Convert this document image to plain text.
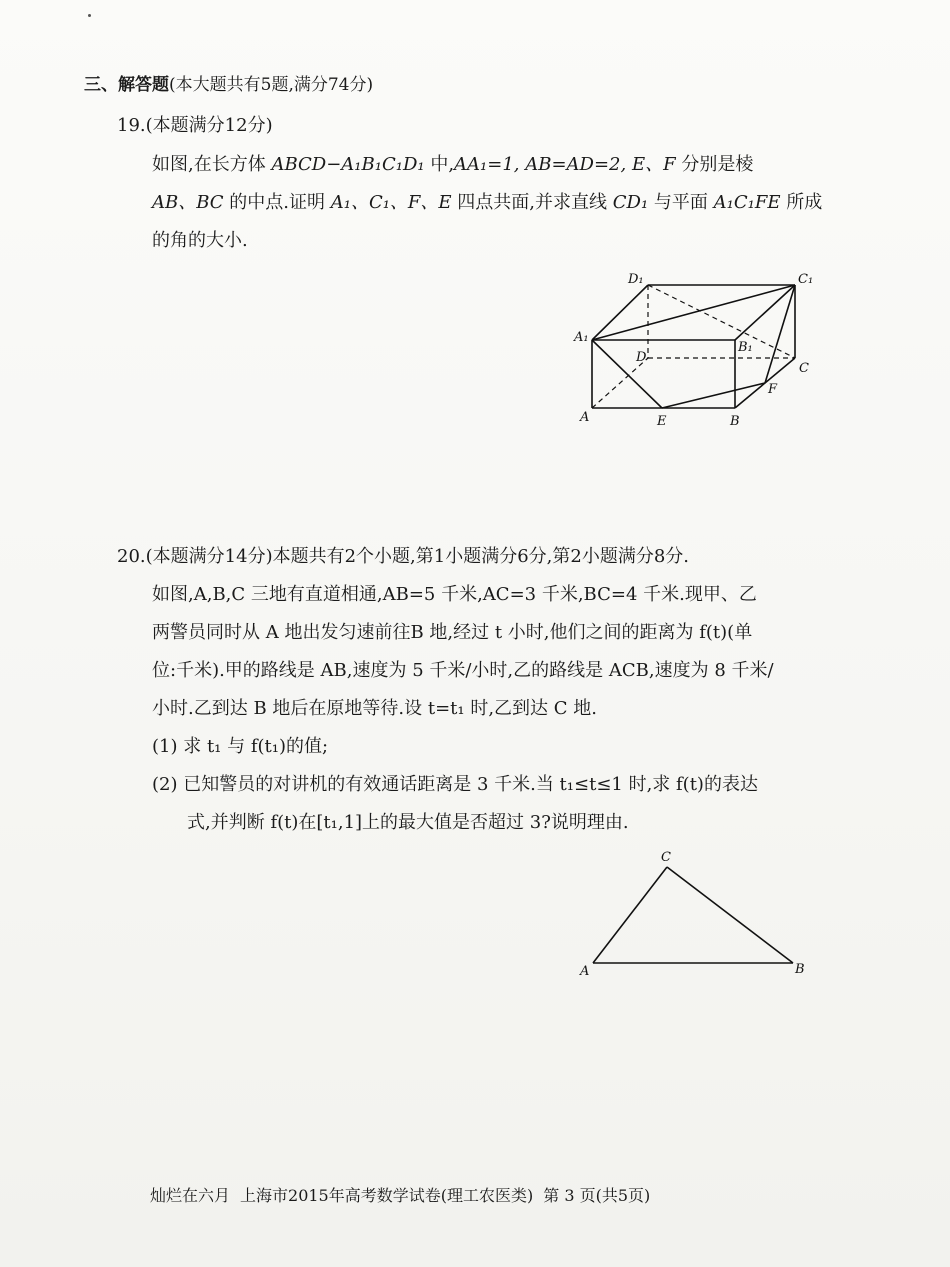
三、解答题(本大题共有5题,满分74分)
19.(本题满分12分)
如图,在长方体 ABCD−A₁B₁C₁D₁ 中,AA₁=1, AB=AD=2, E、F 分别是棱
AB、BC 的中点.证明 A₁、C₁、F、E 四点共面,并求直线 CD₁ 与平面 A₁C₁FE 所成
的角的大小.
D₁	C₁
A₁
B₁
D
C
F
A	E	B
20.(本题满分14分)本题共有2个小题,第1小题满分6分,第2小题满分8分.
如图,A,B,C 三地有直道相通,AB=5 千米,AC=3 千米,BC=4 千米.现甲、乙
两警员同时从 A 地出发匀速前往B 地,经过 t 小时,他们之间的距离为 f(t)(单
位:千米).甲的路线是 AB,速度为 5 千米/小时,乙的路线是 ACB,速度为 8 千米/
小时.乙到达 B 地后在原地等待.设 t=t₁ 时,乙到达 C 地.
(1) 求 t₁ 与 f(t₁)的值;
(2) 已知警员的对讲机的有效通话距离是 3 千米.当 t₁≤t≤1 时,求 f(t)的表达
式,并判断 f(t)在[t₁,1]上的最大值是否超过 3?说明理由.
C
A	B
灿烂在六月 上海市2015年高考数学试卷(理工农医类) 第 3 页(共5页)
